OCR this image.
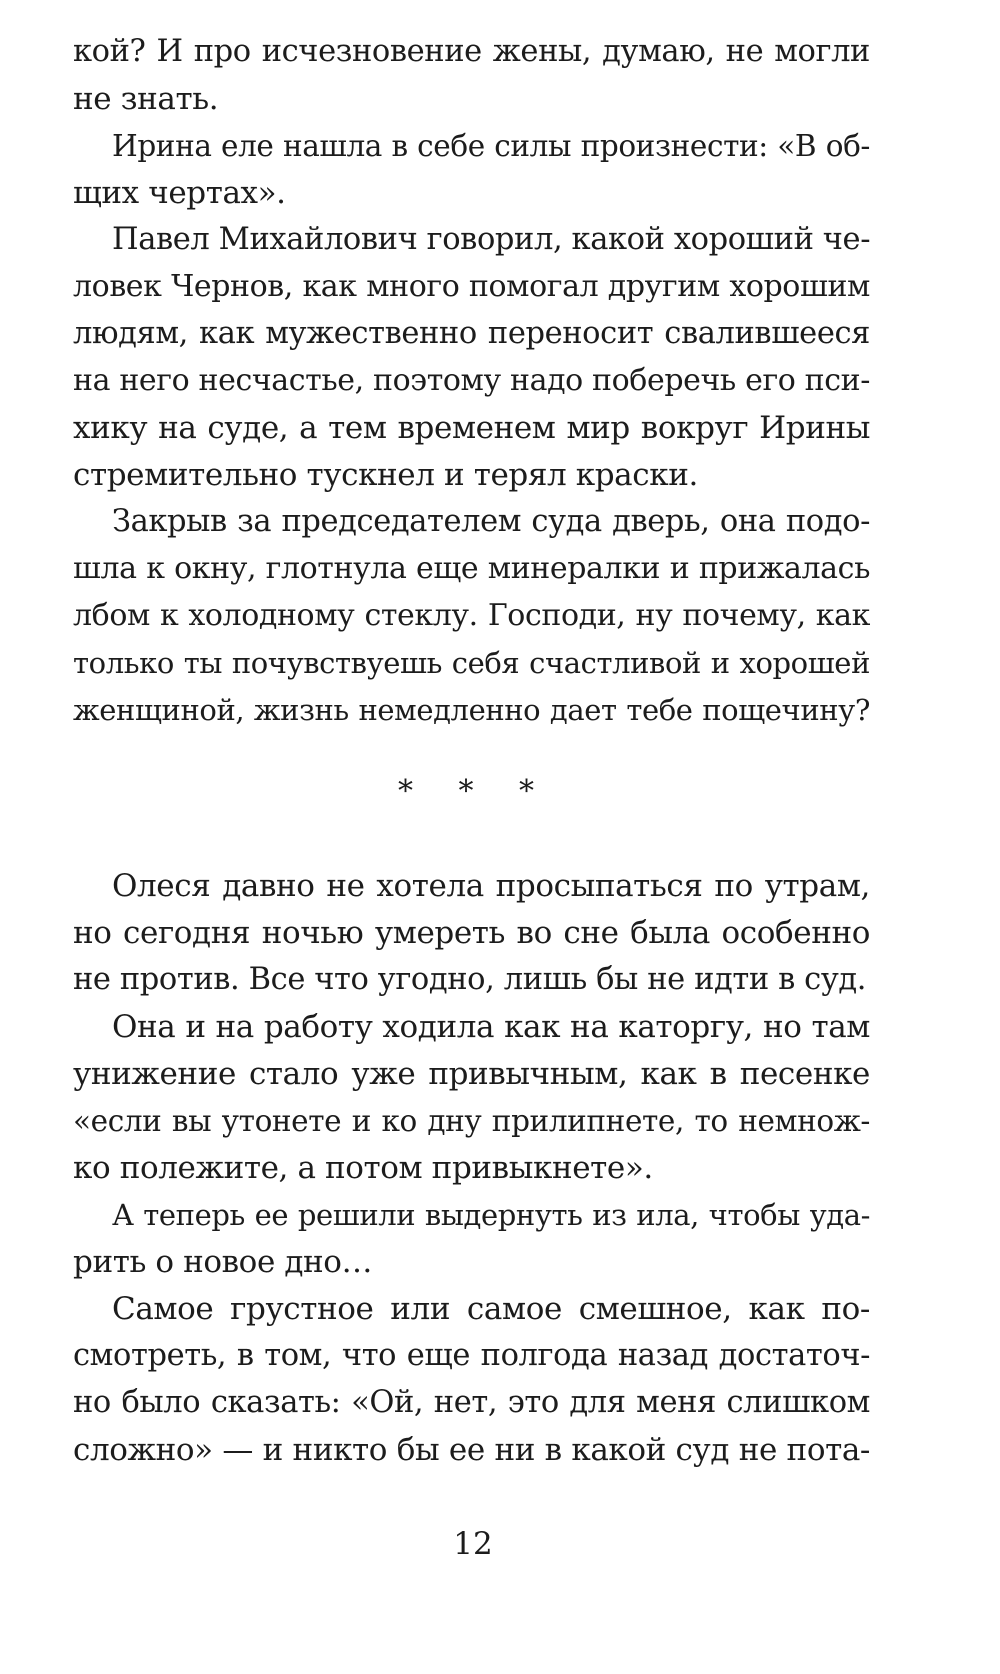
кой? И про исчезновение жены, думаю, не могли
не знать.
Ирина еле нашла в себе силы произнести: «В об-
щих чертах».
Павел Михайлович говорил, какой хороший че-
ловек Чернов, как много помогал другим хорошим
людям, как мужественно переносит свалившееся
на него несчастье, поэтому надо поберечь его пси-
хику на суде, а тем временем мир вокруг Ирины
стремительно тускнел и терял краски.
Закрыв за председателем суда дверь, она подо-
шла к окну, глотнула еще минералки и прижалась
лбом к холодному стеклу. Господи, ну почему, как
только ты почувствуешь себя счастливой и хорошей
женщиной, жизнь немедленно дает тебе пощечину?
* * *
Олеся давно не хотела просыпаться по утрам,
но сегодня ночью умереть во сне была особенно
не против. Все что угодно, лишь бы не идти в суд.
Она и на работу ходила как на каторгу, но там
унижение стало уже привычным, как в песенке
«если вы утонете и ко дну прилипнете, то немнож-
ко полежите, а потом привыкнете».
А теперь ее решили выдернуть из ила, чтобы уда-
рить о новое дно…
Самое грустное или самое смешное, как по-
смотреть, в том, что еще полгода назад достаточ-
но было сказать: «Ой, нет, это для меня слишком
сложно» — и никто бы ее ни в какой суд не пота-
12
